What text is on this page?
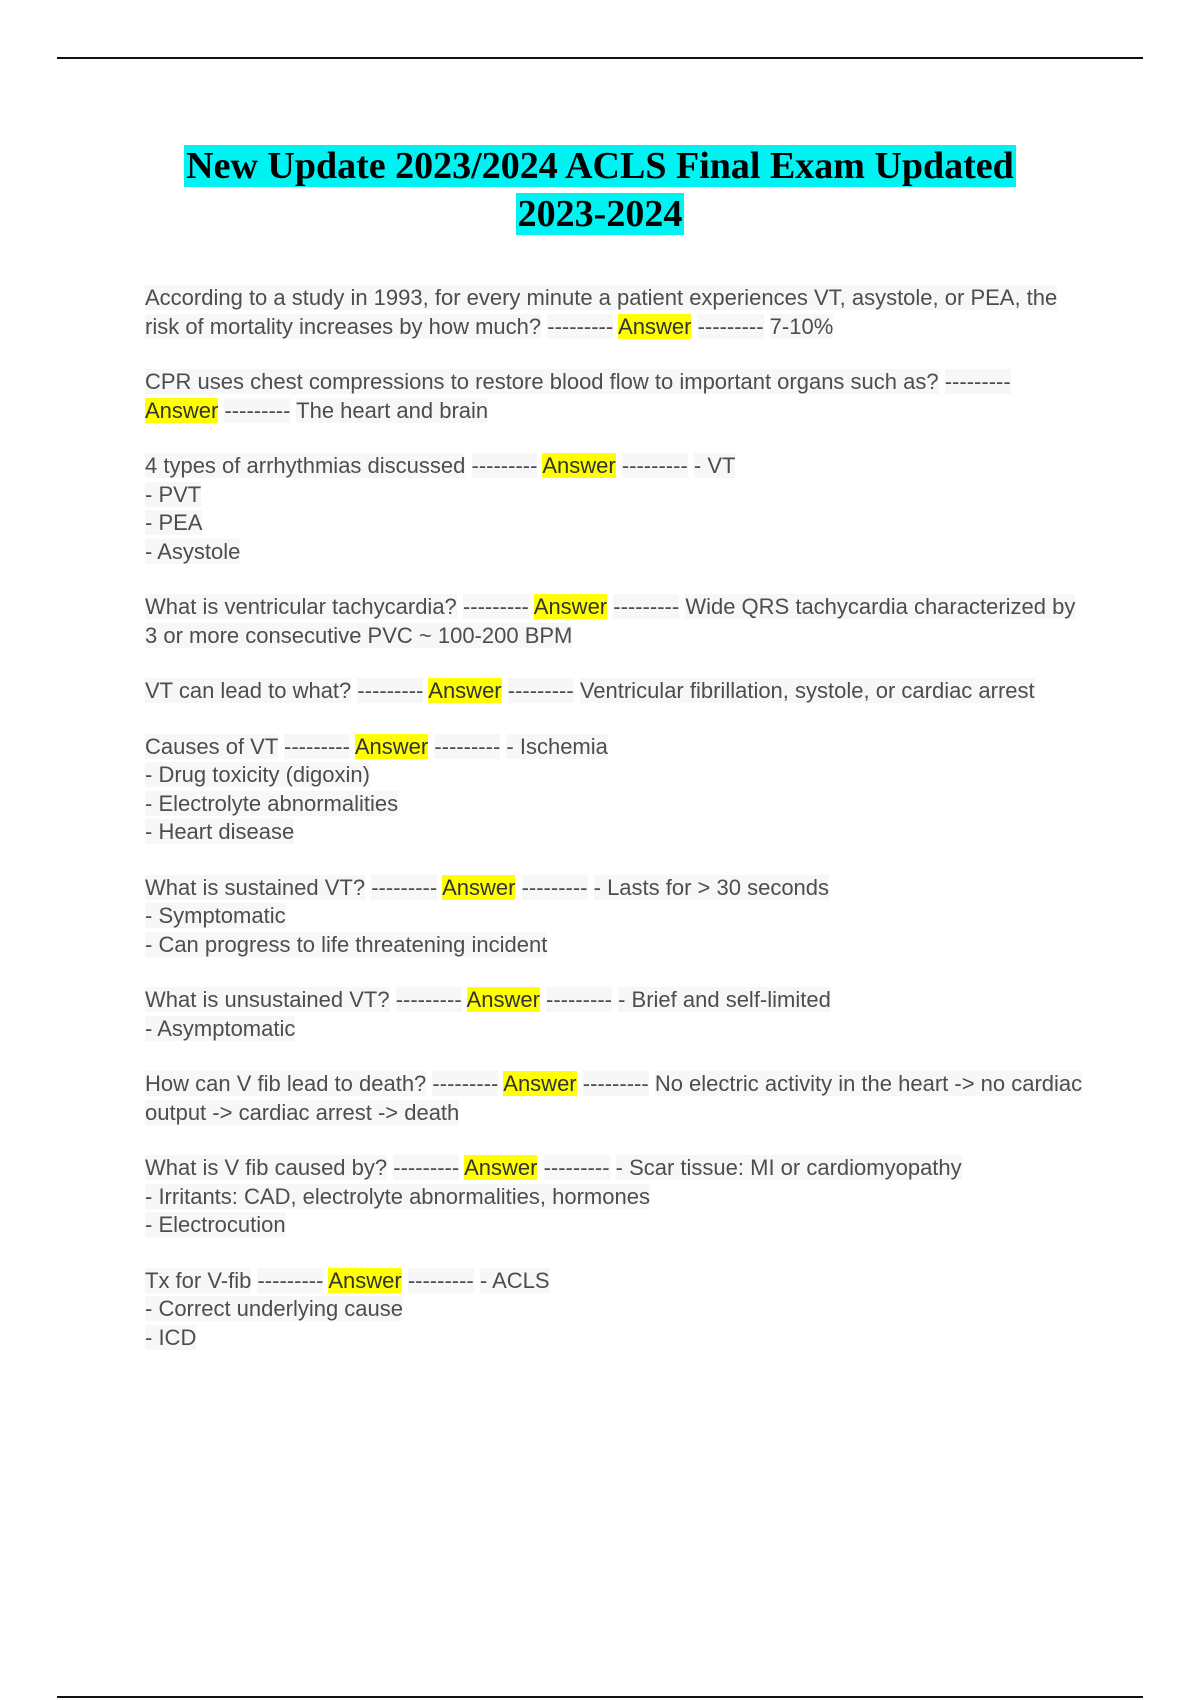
New Update 2023/2024 ACLS Final Exam Updated
2023-2024
According to a study in 1993, for every minute a patient experiences VT, asystole, or PEA, the risk of mortality increases by how much? --------- Answer --------- 7-10%
CPR uses chest compressions to restore blood flow to important organs such as? --------- Answer --------- The heart and brain
4 types of arrhythmias discussed --------- Answer --------- - VT
- PVT
- PEA
- Asystole
What is ventricular tachycardia? --------- Answer --------- Wide QRS tachycardia characterized by 3 or more consecutive PVC ~ 100-200 BPM
VT can lead to what? --------- Answer --------- Ventricular fibrillation, systole, or cardiac arrest
Causes of VT --------- Answer --------- - Ischemia
- Drug toxicity (digoxin)
- Electrolyte abnormalities
- Heart disease
What is sustained VT? --------- Answer --------- - Lasts for > 30 seconds
- Symptomatic
- Can progress to life threatening incident
What is unsustained VT? --------- Answer --------- - Brief and self-limited
- Asymptomatic
How can V fib lead to death? --------- Answer --------- No electric activity in the heart -> no cardiac output -> cardiac arrest -> death
What is V fib caused by? --------- Answer --------- - Scar tissue: MI or cardiomyopathy
- Irritants: CAD, electrolyte abnormalities, hormones
- Electrocution
Tx for V-fib --------- Answer --------- - ACLS
- Correct underlying cause
- ICD
